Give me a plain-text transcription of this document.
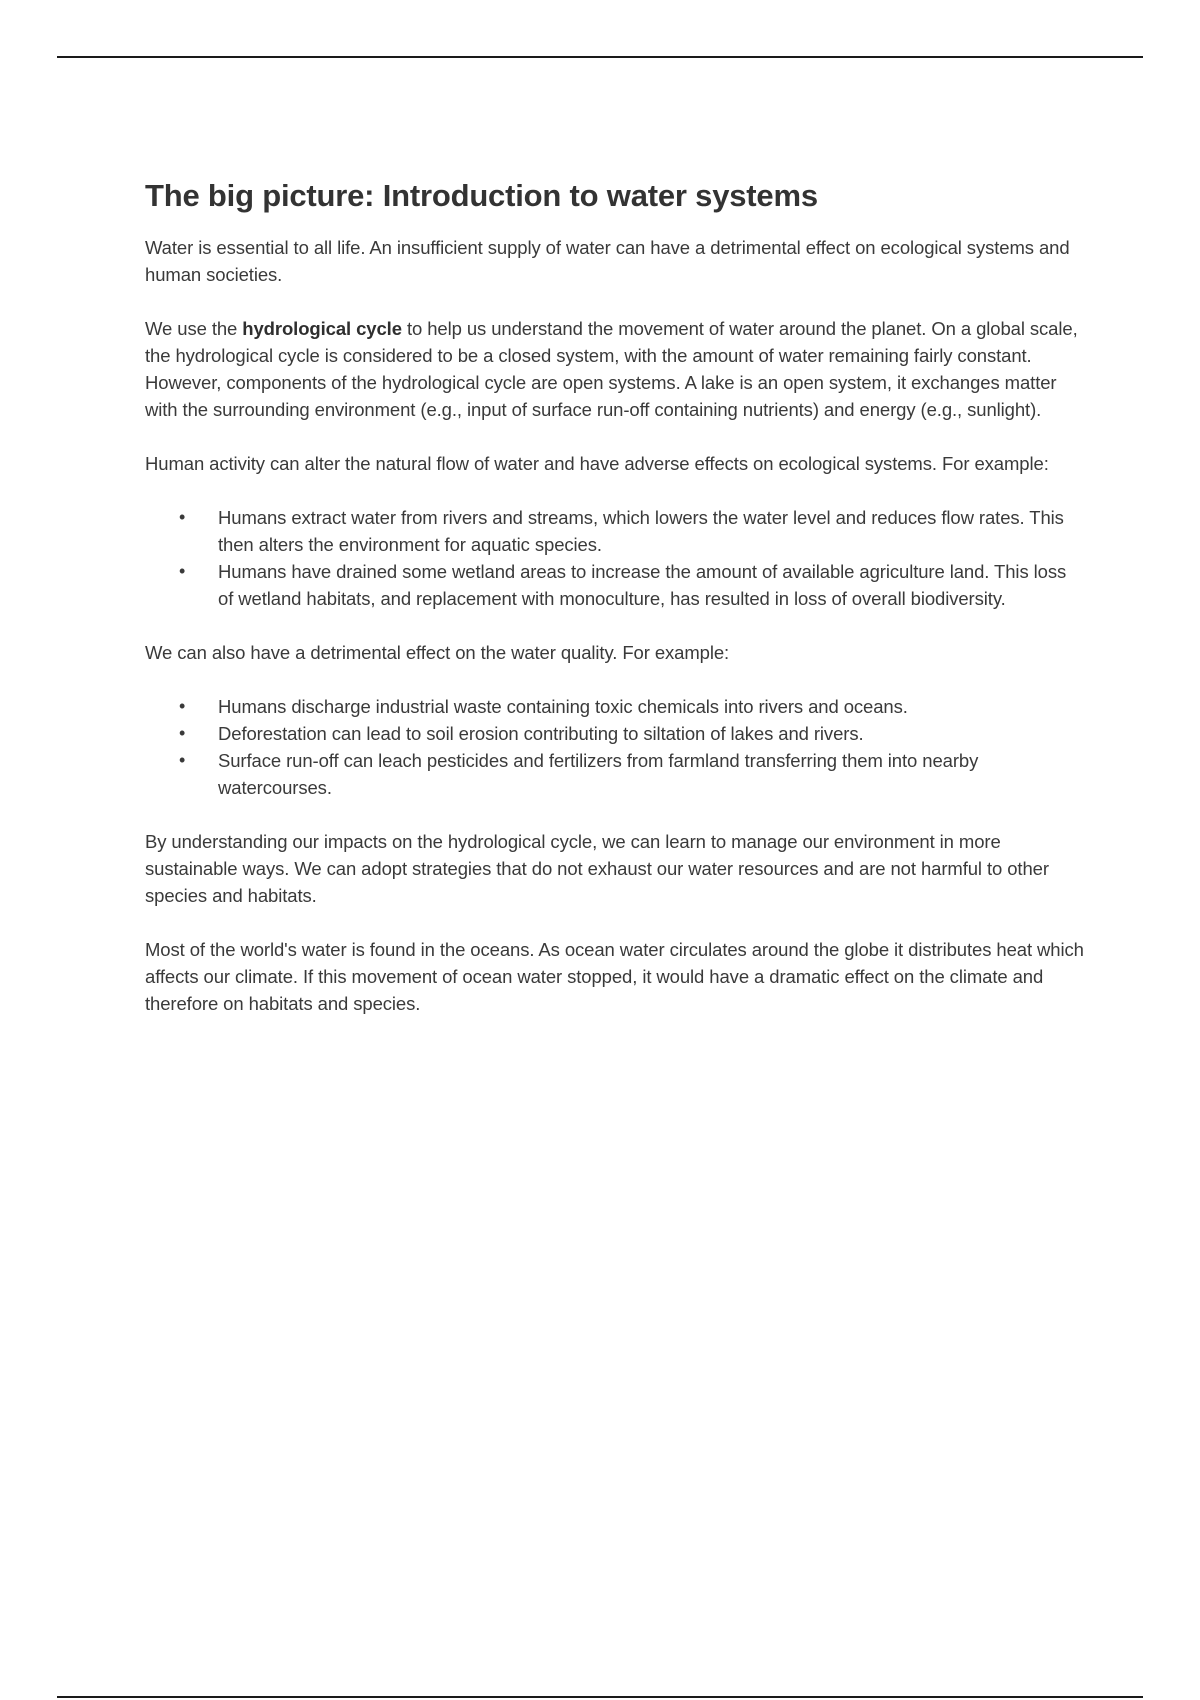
The big picture: Introduction to water systems

Water is essential to all life. An insufficient supply of water can have a detrimental effect on ecological systems and human societies.

We use the hydrological cycle to help us understand the movement of water around the planet. On a global scale, the hydrological cycle is considered to be a closed system, with the amount of water remaining fairly constant. However, components of the hydrological cycle are open systems. A lake is an open system, it exchanges matter with the surrounding environment (e.g., input of surface run-off containing nutrients) and energy (e.g., sunlight).

Human activity can alter the natural flow of water and have adverse effects on ecological systems. For example:

• Humans extract water from rivers and streams, which lowers the water level and reduces flow rates. This then alters the environment for aquatic species.
• Humans have drained some wetland areas to increase the amount of available agriculture land. This loss of wetland habitats, and replacement with monoculture, has resulted in loss of overall biodiversity.

We can also have a detrimental effect on the water quality. For example:

• Humans discharge industrial waste containing toxic chemicals into rivers and oceans.
• Deforestation can lead to soil erosion contributing to siltation of lakes and rivers.
• Surface run-off can leach pesticides and fertilizers from farmland transferring them into nearby watercourses.

By understanding our impacts on the hydrological cycle, we can learn to manage our environment in more sustainable ways. We can adopt strategies that do not exhaust our water resources and are not harmful to other species and habitats.

Most of the world's water is found in the oceans. As ocean water circulates around the globe it distributes heat which affects our climate. If this movement of ocean water stopped, it would have a dramatic effect on the climate and therefore on habitats and species.
